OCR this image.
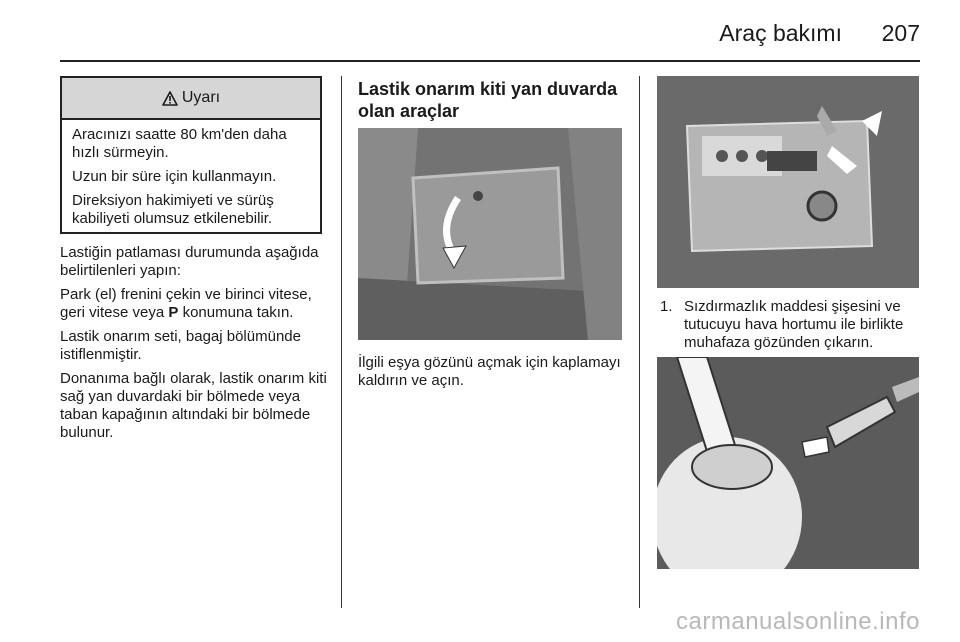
Araç bakımı 207
Uyarı

Aracınızı saatte 80 km'den daha hızlı sürmeyin.

Uzun bir süre için kullanmayın.

Direksiyon hakimiyeti ve sürüş kabiliyeti olumsuz etkilenebilir.

Lastiğin patlaması durumunda aşağıda belirtilenleri yapın:

Park (el) frenini çekin ve birinci vitese, geri vitese veya P konumuna takın.

Lastik onarım seti, bagaj bölümünde istiflenmiştir.

Donanıma bağlı olarak, lastik onarım kiti sağ yan duvardaki bir bölmede veya taban kapağının altındaki bir bölmede bulunur.

Lastik onarım kiti yan duvarda olan araçlar

İlgili eşya gözünü açmak için kaplamayı kaldırın ve açın.

1. Sızdırmazlık maddesi şişesini ve tutucuyu hava hortumu ile birlikte muhafaza gözünden çıkarın.
carmanualsonline.info
